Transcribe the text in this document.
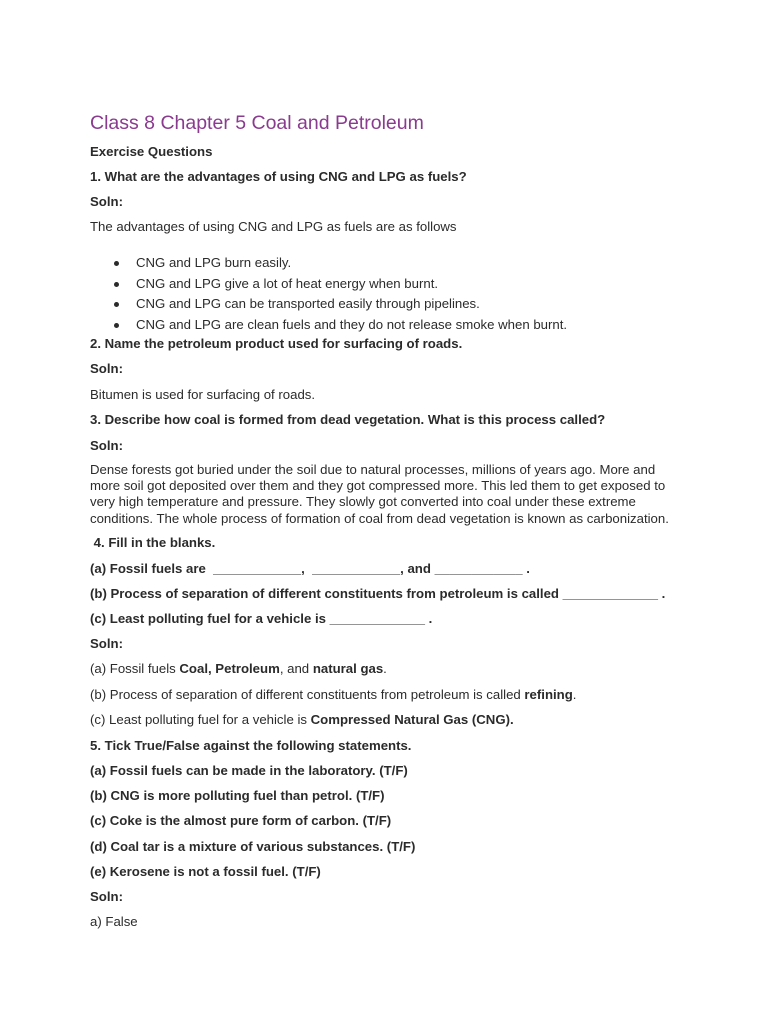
Class 8 Chapter 5 Coal and Petroleum
Exercise Questions
1. What are the advantages of using CNG and LPG as fuels?
Soln:
The advantages of using CNG and LPG as fuels are as follows
CNG and LPG burn easily.
CNG and LPG give a lot of heat energy when burnt.
CNG and LPG can be transported easily through pipelines.
CNG and LPG are clean fuels and they do not release smoke when burnt.
2. Name the petroleum product used for surfacing of roads.
Soln:
Bitumen is used for surfacing of roads.
3. Describe how coal is formed from dead vegetation. What is this process called?
Soln:
Dense forests got buried under the soil due to natural processes, millions of years ago. More and
more soil got deposited over them and they got compressed more. This led them to get exposed to
very high temperature and pressure. They slowly got converted into coal under these extreme
conditions. The whole process of formation of coal from dead vegetation is known as carbonization.
4. Fill in the blanks.
(a) Fossil fuels are  ____________,  ____________, and ____________ .
(b) Process of separation of different constituents from petroleum is called _____________ .
(c) Least polluting fuel for a vehicle is _____________ .
Soln:
(a) Fossil fuels Coal, Petroleum, and natural gas.
(b) Process of separation of different constituents from petroleum is called refining.
(c) Least polluting fuel for a vehicle is Compressed Natural Gas (CNG).
5. Tick True/False against the following statements.
(a) Fossil fuels can be made in the laboratory. (T/F)
(b) CNG is more polluting fuel than petrol. (T/F)
(c) Coke is the almost pure form of carbon. (T/F)
(d) Coal tar is a mixture of various substances. (T/F)
(e) Kerosene is not a fossil fuel. (T/F)
Soln:
a) False
